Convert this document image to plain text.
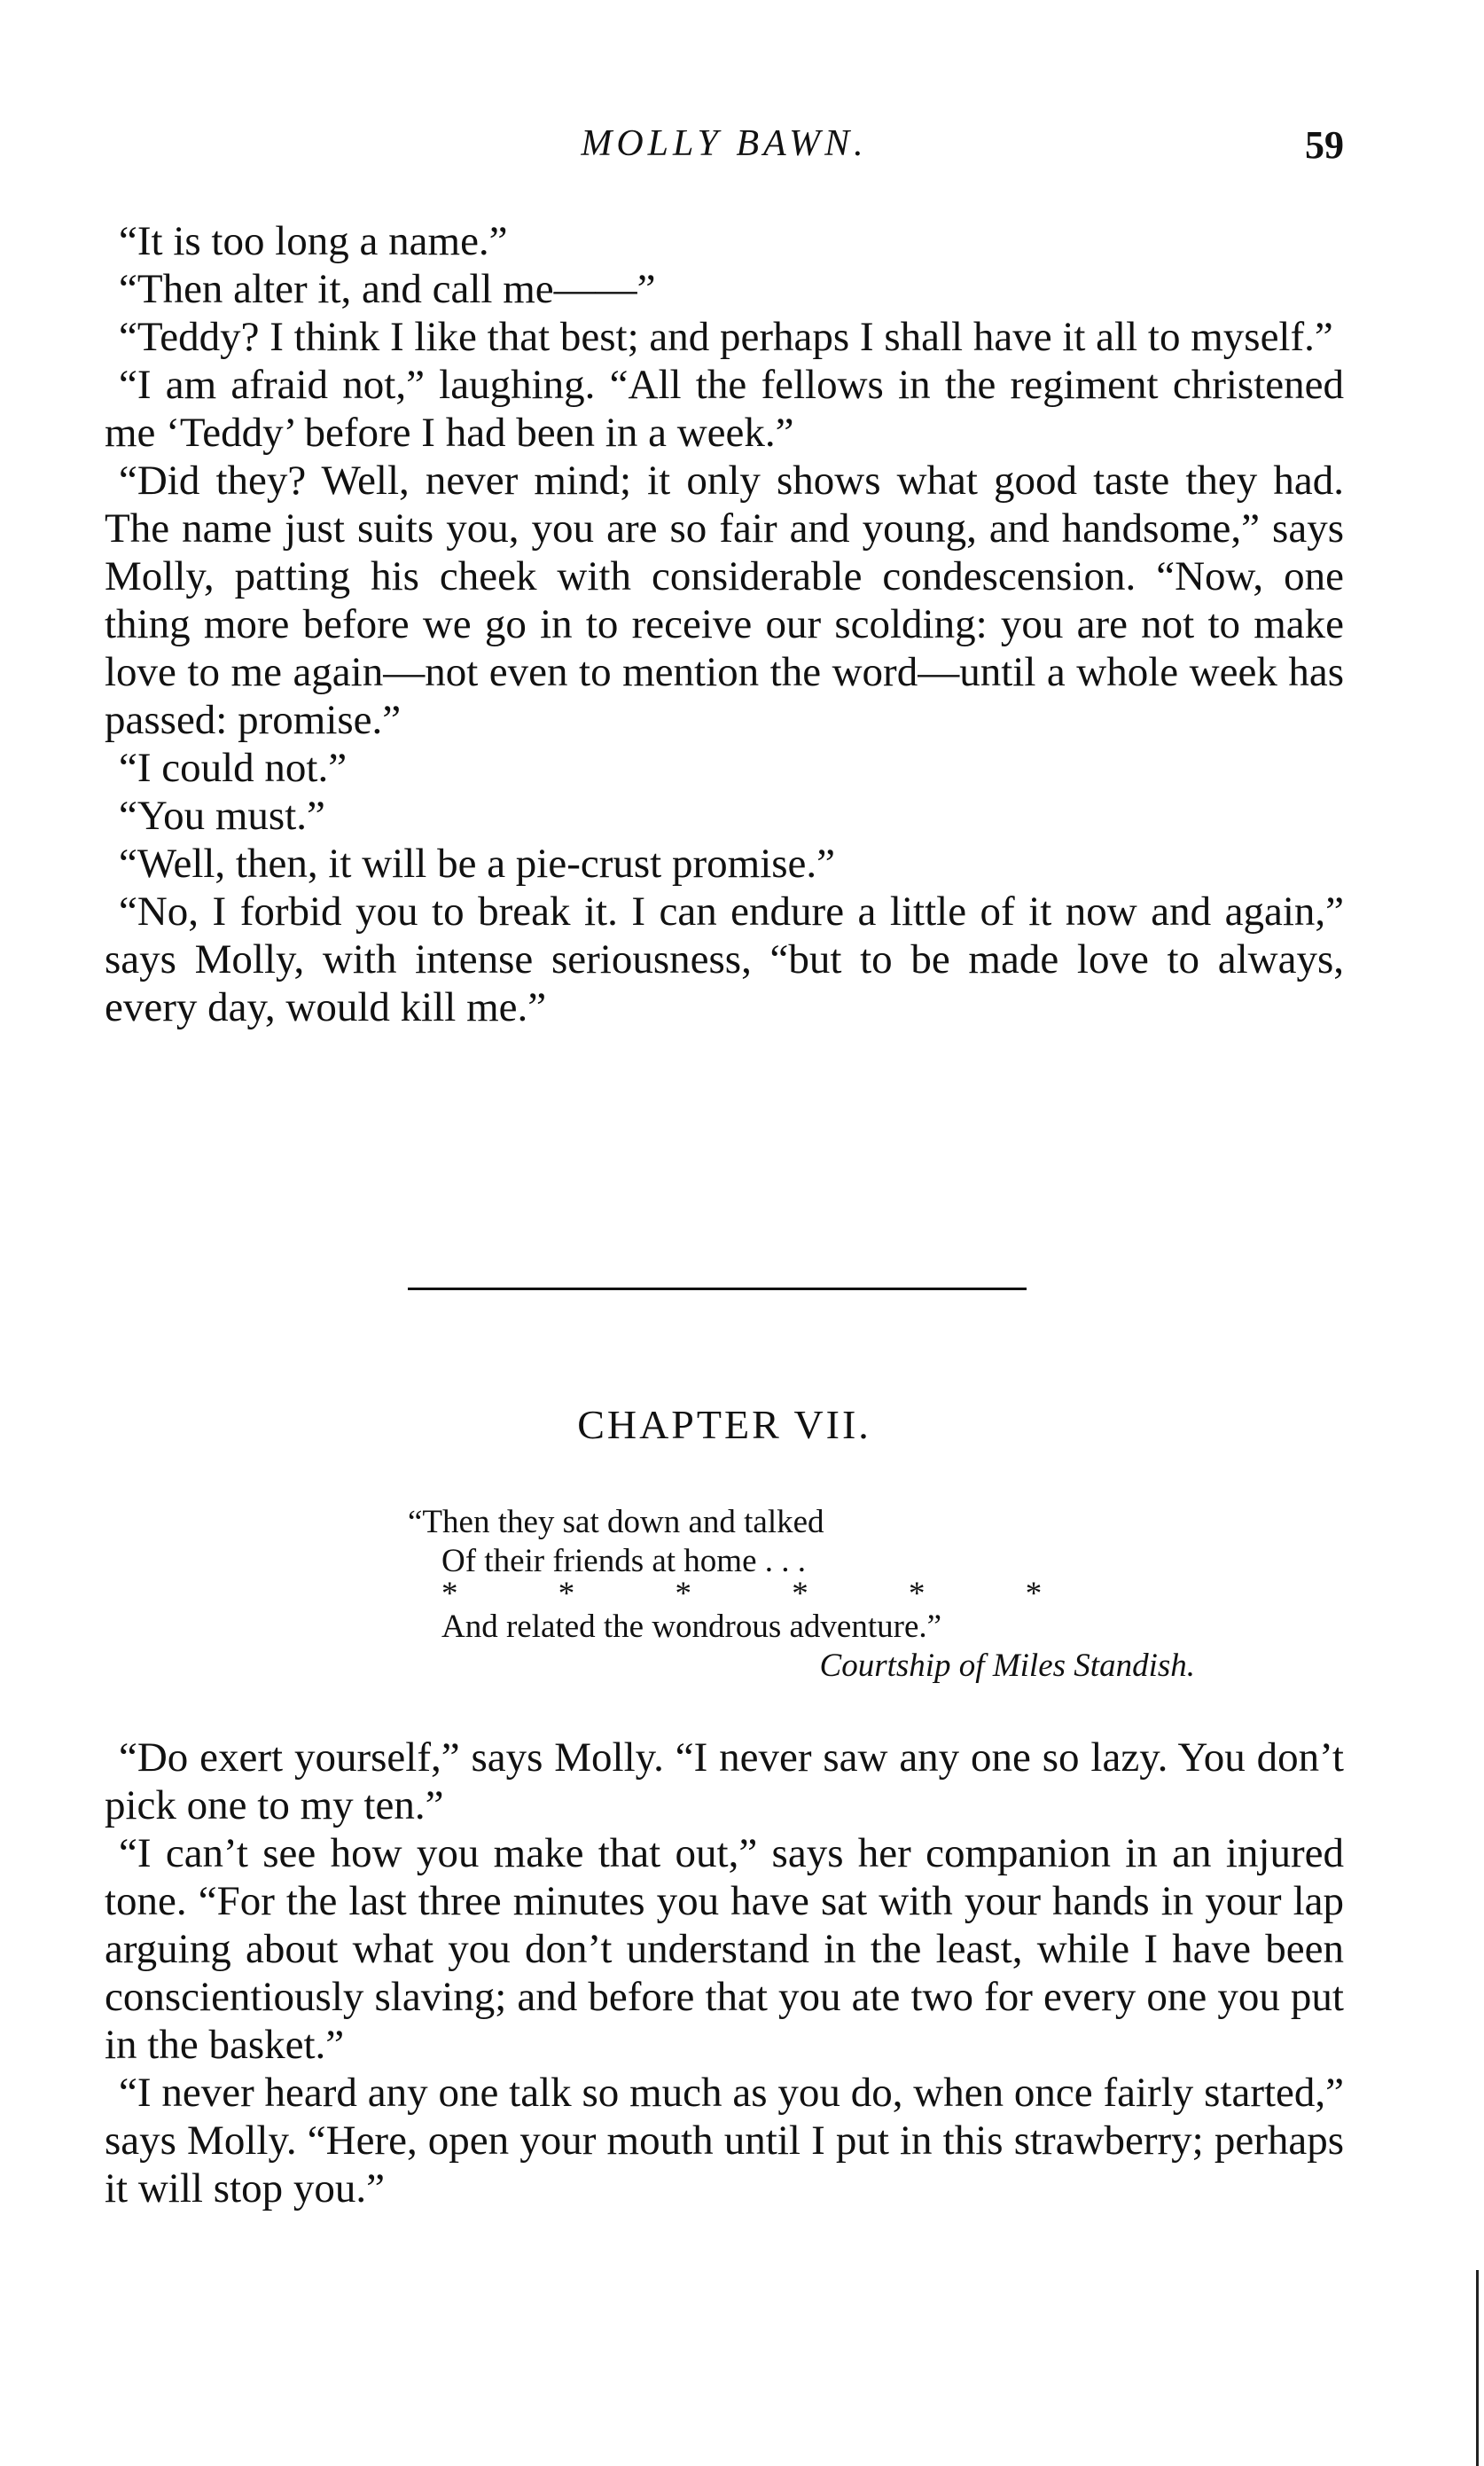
MOLLY BAWN.	59

“It is too long a name.”

“Then alter it, and call me——”

“Teddy? I think I like that best; and perhaps I shall have it all to myself.”

“I am afraid not,” laughing. “All the fellows in the regiment christened me ‘Teddy’ before I had been in a week.”

“Did they? Well, never mind; it only shows what good taste they had. The name just suits you, you are so fair and young, and handsome,” says Molly, patting his cheek with considerable condescension. “Now, one thing more before we go in to receive our scolding: you are not to make love to me again—not even to mention the word—until a whole week has passed: promise.”

“I could not.”

“You must.”

“Well, then, it will be a pie-crust promise.”

“No, I forbid you to break it. I can endure a little of it now and again,” says Molly, with intense seriousness, “but to be made love to always, every day, would kill me.”

CHAPTER VII.
“Then they sat down and talked
Of their friends at home . . .
* * * * * *
And related the wondrous adventure.”
Courtship of Miles Standish.

“Do exert yourself,” says Molly. “I never saw any one so lazy. You don’t pick one to my ten.”

“I can’t see how you make that out,” says her companion in an injured tone. “For the last three minutes you have sat with your hands in your lap arguing about what you don’t understand in the least, while I have been conscientiously slaving; and before that you ate two for every one you put in the basket.”

“I never heard any one talk so much as you do, when once fairly started,” says Molly. “Here, open your mouth until I put in this strawberry; perhaps it will stop you.”
